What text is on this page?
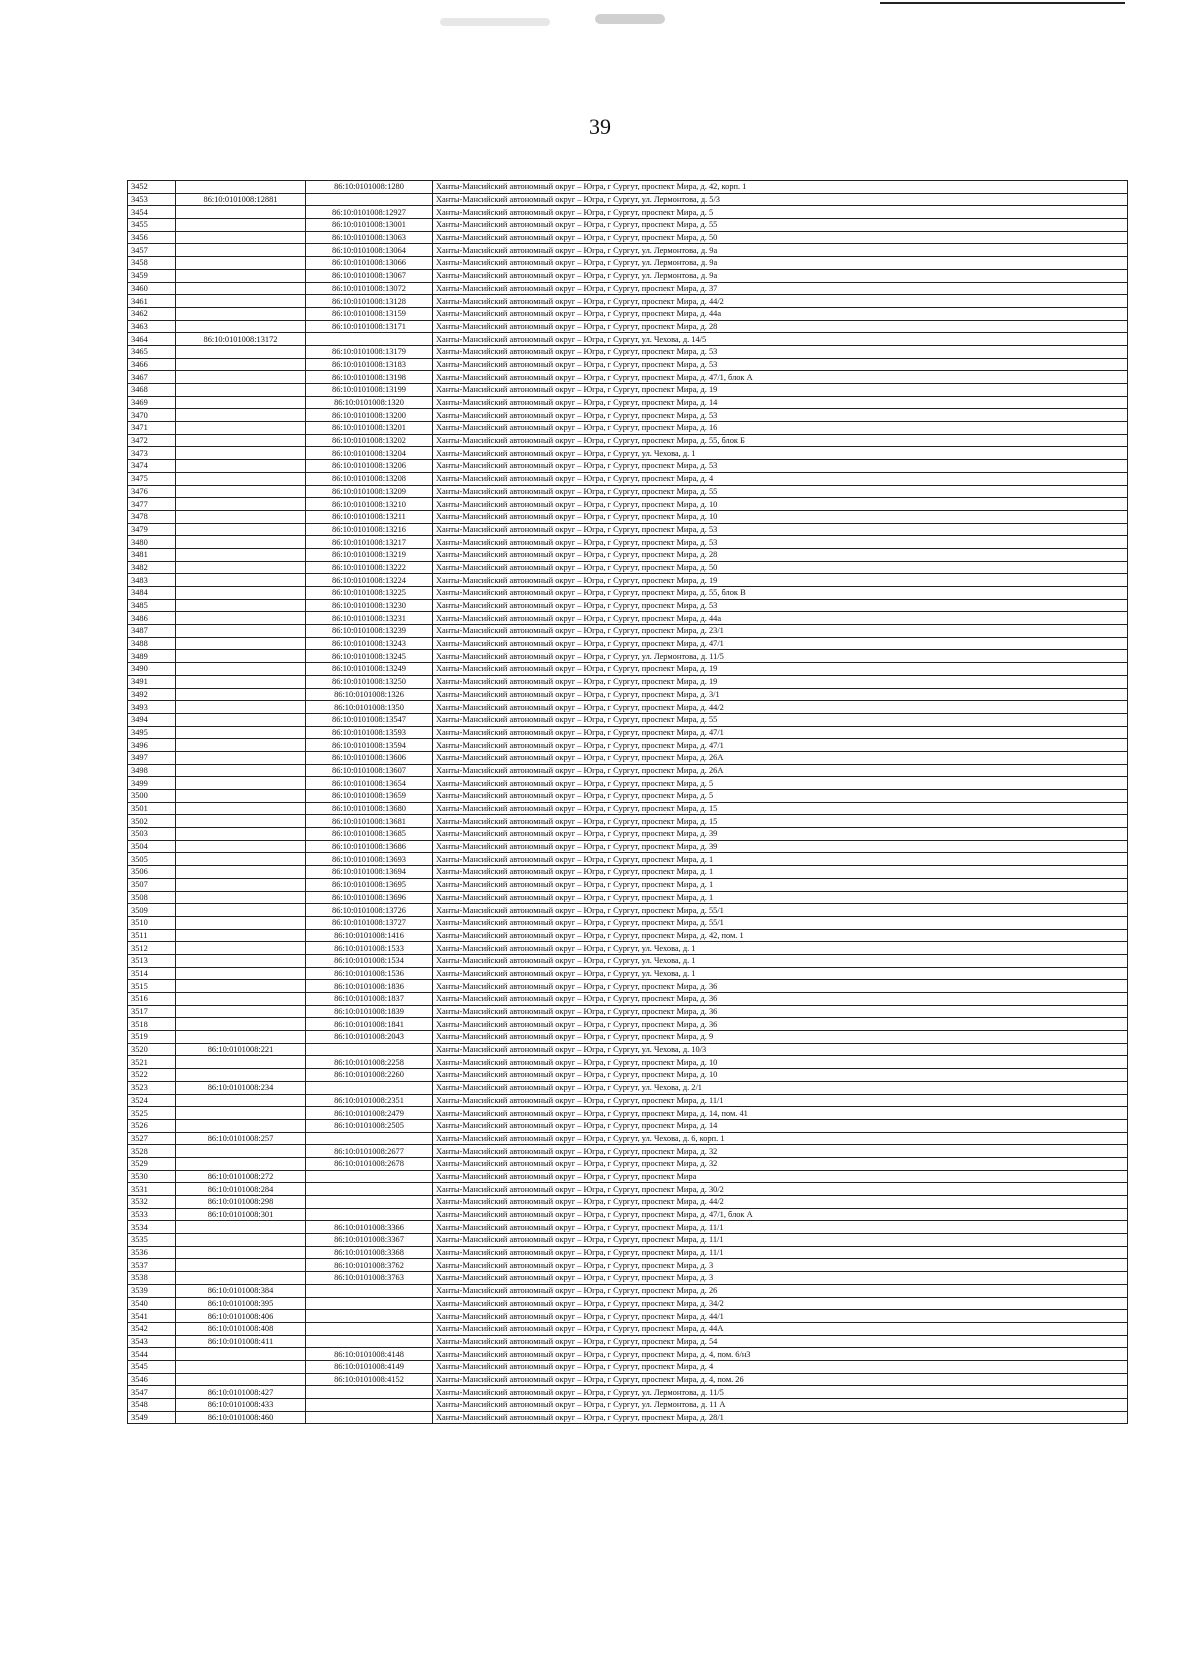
39
3452		86:10:0101008:1280	Ханты-Мансийский автономный округ – Югра, г Сургут, проспект Мира, д. 42, корп. 1
3453	86:10:0101008:12881		Ханты-Мансийский автономный округ – Югра, г Сургут, ул. Лермонтова, д. 5/3
3454		86:10:0101008:12927	Ханты-Мансийский автономный округ – Югра, г Сургут, проспект Мира, д. 5
3455		86:10:0101008:13001	Ханты-Мансийский автономный округ – Югра, г Сургут, проспект Мира, д. 55
3456		86:10:0101008:13063	Ханты-Мансийский автономный округ – Югра, г Сургут, проспект Мира, д. 50
3457		86:10:0101008:13064	Ханты-Мансийский автономный округ – Югра, г Сургут, ул. Лермонтова, д. 9а
3458		86:10:0101008:13066	Ханты-Мансийский автономный округ – Югра, г Сургут, ул. Лермонтова, д. 9а
3459		86:10:0101008:13067	Ханты-Мансийский автономный округ – Югра, г Сургут, ул. Лермонтова, д. 9а
3460		86:10:0101008:13072	Ханты-Мансийский автономный округ – Югра, г Сургут, проспект Мира, д. 37
3461		86:10:0101008:13128	Ханты-Мансийский автономный округ – Югра, г Сургут, проспект Мира, д. 44/2
3462		86:10:0101008:13159	Ханты-Мансийский автономный округ – Югра, г Сургут, проспект Мира, д. 44а
3463		86:10:0101008:13171	Ханты-Мансийский автономный округ – Югра, г Сургут, проспект Мира, д. 28
3464	86:10:0101008:13172		Ханты-Мансийский автономный округ – Югра, г Сургут, ул. Чехова, д. 14/5
3465		86:10:0101008:13179	Ханты-Мансийский автономный округ – Югра, г Сургут, проспект Мира, д. 53
3466		86:10:0101008:13183	Ханты-Мансийский автономный округ – Югра, г Сургут, проспект Мира, д. 53
3467		86:10:0101008:13198	Ханты-Мансийский автономный округ – Югра, г Сургут, проспект Мира, д. 47/1, блок А
3468		86:10:0101008:13199	Ханты-Мансийский автономный округ – Югра, г Сургут, проспект Мира, д. 19
3469		86:10:0101008:1320	Ханты-Мансийский автономный округ – Югра, г Сургут, проспект Мира, д. 14
3470		86:10:0101008:13200	Ханты-Мансийский автономный округ – Югра, г Сургут, проспект Мира, д. 53
3471		86:10:0101008:13201	Ханты-Мансийский автономный округ – Югра, г Сургут, проспект Мира, д. 16
3472		86:10:0101008:13202	Ханты-Мансийский автономный округ – Югра, г Сургут, проспект Мира, д. 55, блок Б
3473		86:10:0101008:13204	Ханты-Мансийский автономный округ – Югра, г Сургут, ул. Чехова, д. 1
3474		86:10:0101008:13206	Ханты-Мансийский автономный округ – Югра, г Сургут, проспект Мира, д. 53
3475		86:10:0101008:13208	Ханты-Мансийский автономный округ – Югра, г Сургут, проспект Мира, д. 4
3476		86:10:0101008:13209	Ханты-Мансийский автономный округ – Югра, г Сургут, проспект Мира, д. 55
3477		86:10:0101008:13210	Ханты-Мансийский автономный округ – Югра, г Сургут, проспект Мира, д. 10
3478		86:10:0101008:13211	Ханты-Мансийский автономный округ – Югра, г Сургут, проспект Мира, д. 10
3479		86:10:0101008:13216	Ханты-Мансийский автономный округ – Югра, г Сургут, проспект Мира, д. 53
3480		86:10:0101008:13217	Ханты-Мансийский автономный округ – Югра, г Сургут, проспект Мира, д. 53
3481		86:10:0101008:13219	Ханты-Мансийский автономный округ – Югра, г Сургут, проспект Мира, д. 28
3482		86:10:0101008:13222	Ханты-Мансийский автономный округ – Югра, г Сургут, проспект Мира, д. 50
3483		86:10:0101008:13224	Ханты-Мансийский автономный округ – Югра, г Сургут, проспект Мира, д. 19
3484		86:10:0101008:13225	Ханты-Мансийский автономный округ – Югра, г Сургут, проспект Мира, д. 55, блок В
3485		86:10:0101008:13230	Ханты-Мансийский автономный округ – Югра, г Сургут, проспект Мира, д. 53
3486		86:10:0101008:13231	Ханты-Мансийский автономный округ – Югра, г Сургут, проспект Мира, д. 44а
3487		86:10:0101008:13239	Ханты-Мансийский автономный округ – Югра, г Сургут, проспект Мира, д. 23/1
3488		86:10:0101008:13243	Ханты-Мансийский автономный округ – Югра, г Сургут, проспект Мира, д. 47/1
3489		86:10:0101008:13245	Ханты-Мансийский автономный округ – Югра, г Сургут, ул. Лермонтова, д. 11/5
3490		86:10:0101008:13249	Ханты-Мансийский автономный округ – Югра, г Сургут, проспект Мира, д. 19
3491		86:10:0101008:13250	Ханты-Мансийский автономный округ – Югра, г Сургут, проспект Мира, д. 19
3492		86:10:0101008:1326	Ханты-Мансийский автономный округ – Югра, г Сургут, проспект Мира, д. 3/1
3493		86:10:0101008:1350	Ханты-Мансийский автономный округ – Югра, г Сургут, проспект Мира, д. 44/2
3494		86:10:0101008:13547	Ханты-Мансийский автономный округ – Югра, г Сургут, проспект Мира, д. 55
3495		86:10:0101008:13593	Ханты-Мансийский автономный округ – Югра, г Сургут, проспект Мира, д. 47/1
3496		86:10:0101008:13594	Ханты-Мансийский автономный округ – Югра, г Сургут, проспект Мира, д. 47/1
3497		86:10:0101008:13606	Ханты-Мансийский автономный округ – Югра, г Сургут, проспект Мира, д. 26А
3498		86:10:0101008:13607	Ханты-Мансийский автономный округ – Югра, г Сургут, проспект Мира, д. 26А
3499		86:10:0101008:13654	Ханты-Мансийский автономный округ – Югра, г Сургут, проспект Мира, д. 5
3500		86:10:0101008:13659	Ханты-Мансийский автономный округ – Югра, г Сургут, проспект Мира, д. 5
3501		86:10:0101008:13680	Ханты-Мансийский автономный округ – Югра, г Сургут, проспект Мира, д. 15
3502		86:10:0101008:13681	Ханты-Мансийский автономный округ – Югра, г Сургут, проспект Мира, д. 15
3503		86:10:0101008:13685	Ханты-Мансийский автономный округ – Югра, г Сургут, проспект Мира, д. 39
3504		86:10:0101008:13686	Ханты-Мансийский автономный округ – Югра, г Сургут, проспект Мира, д. 39
3505		86:10:0101008:13693	Ханты-Мансийский автономный округ – Югра, г Сургут, проспект Мира, д. 1
3506		86:10:0101008:13694	Ханты-Мансийский автономный округ – Югра, г Сургут, проспект Мира, д. 1
3507		86:10:0101008:13695	Ханты-Мансийский автономный округ – Югра, г Сургут, проспект Мира, д. 1
3508		86:10:0101008:13696	Ханты-Мансийский автономный округ – Югра, г Сургут, проспект Мира, д. 1
3509		86:10:0101008:13726	Ханты-Мансийский автономный округ – Югра, г Сургут, проспект Мира, д. 55/1
3510		86:10:0101008:13727	Ханты-Мансийский автономный округ – Югра, г Сургут, проспект Мира, д. 55/1
3511		86:10:0101008:1416	Ханты-Мансийский автономный округ – Югра, г Сургут, проспект Мира, д. 42, пом. 1
3512		86:10:0101008:1533	Ханты-Мансийский автономный округ – Югра, г Сургут, ул. Чехова, д. 1
3513		86:10:0101008:1534	Ханты-Мансийский автономный округ – Югра, г Сургут, ул. Чехова, д. 1
3514		86:10:0101008:1536	Ханты-Мансийский автономный округ – Югра, г Сургут, ул. Чехова, д. 1
3515		86:10:0101008:1836	Ханты-Мансийский автономный округ – Югра, г Сургут, проспект Мира, д. 36
3516		86:10:0101008:1837	Ханты-Мансийский автономный округ – Югра, г Сургут, проспект Мира, д. 36
3517		86:10:0101008:1839	Ханты-Мансийский автономный округ – Югра, г Сургут, проспект Мира, д. 36
3518		86:10:0101008:1841	Ханты-Мансийский автономный округ – Югра, г Сургут, проспект Мира, д. 36
3519		86:10:0101008:2043	Ханты-Мансийский автономный округ – Югра, г Сургут, проспект Мира, д. 9
3520	86:10:0101008:221		Ханты-Мансийский автономный округ – Югра, г Сургут, ул. Чехова, д. 10/3
3521		86:10:0101008:2258	Ханты-Мансийский автономный округ – Югра, г Сургут, проспект Мира, д. 10
3522		86:10:0101008:2260	Ханты-Мансийский автономный округ – Югра, г Сургут, проспект Мира, д. 10
3523	86:10:0101008:234		Ханты-Мансийский автономный округ – Югра, г Сургут, ул. Чехова, д. 2/1
3524		86:10:0101008:2351	Ханты-Мансийский автономный округ – Югра, г Сургут, проспект Мира, д. 11/1
3525		86:10:0101008:2479	Ханты-Мансийский автономный округ – Югра, г Сургут, проспект Мира, д. 14, пом. 41
3526		86:10:0101008:2505	Ханты-Мансийский автономный округ – Югра, г Сургут, проспект Мира, д. 14
3527	86:10:0101008:257		Ханты-Мансийский автономный округ – Югра, г Сургут, ул. Чехова, д. 6, корп. 1
3528		86:10:0101008:2677	Ханты-Мансийский автономный округ – Югра, г Сургут, проспект Мира, д. 32
3529		86:10:0101008:2678	Ханты-Мансийский автономный округ – Югра, г Сургут, проспект Мира, д. 32
3530	86:10:0101008:272		Ханты-Мансийский автономный округ – Югра, г Сургут, проспект Мира
3531	86:10:0101008:284		Ханты-Мансийский автономный округ – Югра, г Сургут, проспект Мира, д. 30/2
3532	86:10:0101008:298		Ханты-Мансийский автономный округ – Югра, г Сургут, проспект Мира, д. 44/2
3533	86:10:0101008:301		Ханты-Мансийский автономный округ – Югра, г Сургут, проспект Мира, д. 47/1, блок А
3534		86:10:0101008:3366	Ханты-Мансийский автономный округ – Югра, г Сургут, проспект Мира, д. 11/1
3535		86:10:0101008:3367	Ханты-Мансийский автономный округ – Югра, г Сургут, проспект Мира, д. 11/1
3536		86:10:0101008:3368	Ханты-Мансийский автономный округ – Югра, г Сургут, проспект Мира, д. 11/1
3537		86:10:0101008:3762	Ханты-Мансийский автономный округ – Югра, г Сургут, проспект Мира, д. 3
3538		86:10:0101008:3763	Ханты-Мансийский автономный округ – Югра, г Сургут, проспект Мира, д. 3
3539	86:10:0101008:384		Ханты-Мансийский автономный округ – Югра, г Сургут, проспект Мира, д. 26
3540	86:10:0101008:395		Ханты-Мансийский автономный округ – Югра, г Сургут, проспект Мира, д. 34/2
3541	86:10:0101008:406		Ханты-Мансийский автономный округ – Югра, г Сургут, проспект Мира, д. 44/1
3542	86:10:0101008:408		Ханты-Мансийский автономный округ – Югра, г Сургут, проспект Мира, д. 44А
3543	86:10:0101008:411		Ханты-Мансийский автономный округ – Югра, г Сургут, проспект Мира, д. 54
3544		86:10:0101008:4148	Ханты-Мансийский автономный округ – Югра, г Сургут, проспект Мира, д. 4, пом. 6/н3
3545		86:10:0101008:4149	Ханты-Мансийский автономный округ – Югра, г Сургут, проспект Мира, д. 4
3546		86:10:0101008:4152	Ханты-Мансийский автономный округ – Югра, г Сургут, проспект Мира, д. 4, пом. 26
3547	86:10:0101008:427		Ханты-Мансийский автономный округ – Югра, г Сургут, ул. Лермонтова, д. 11/5
3548	86:10:0101008:433		Ханты-Мансийский автономный округ – Югра, г Сургут, ул. Лермонтова, д. 11 А
3549	86:10:0101008:460		Ханты-Мансийский автономный округ – Югра, г Сургут, проспект Мира, д. 28/1
